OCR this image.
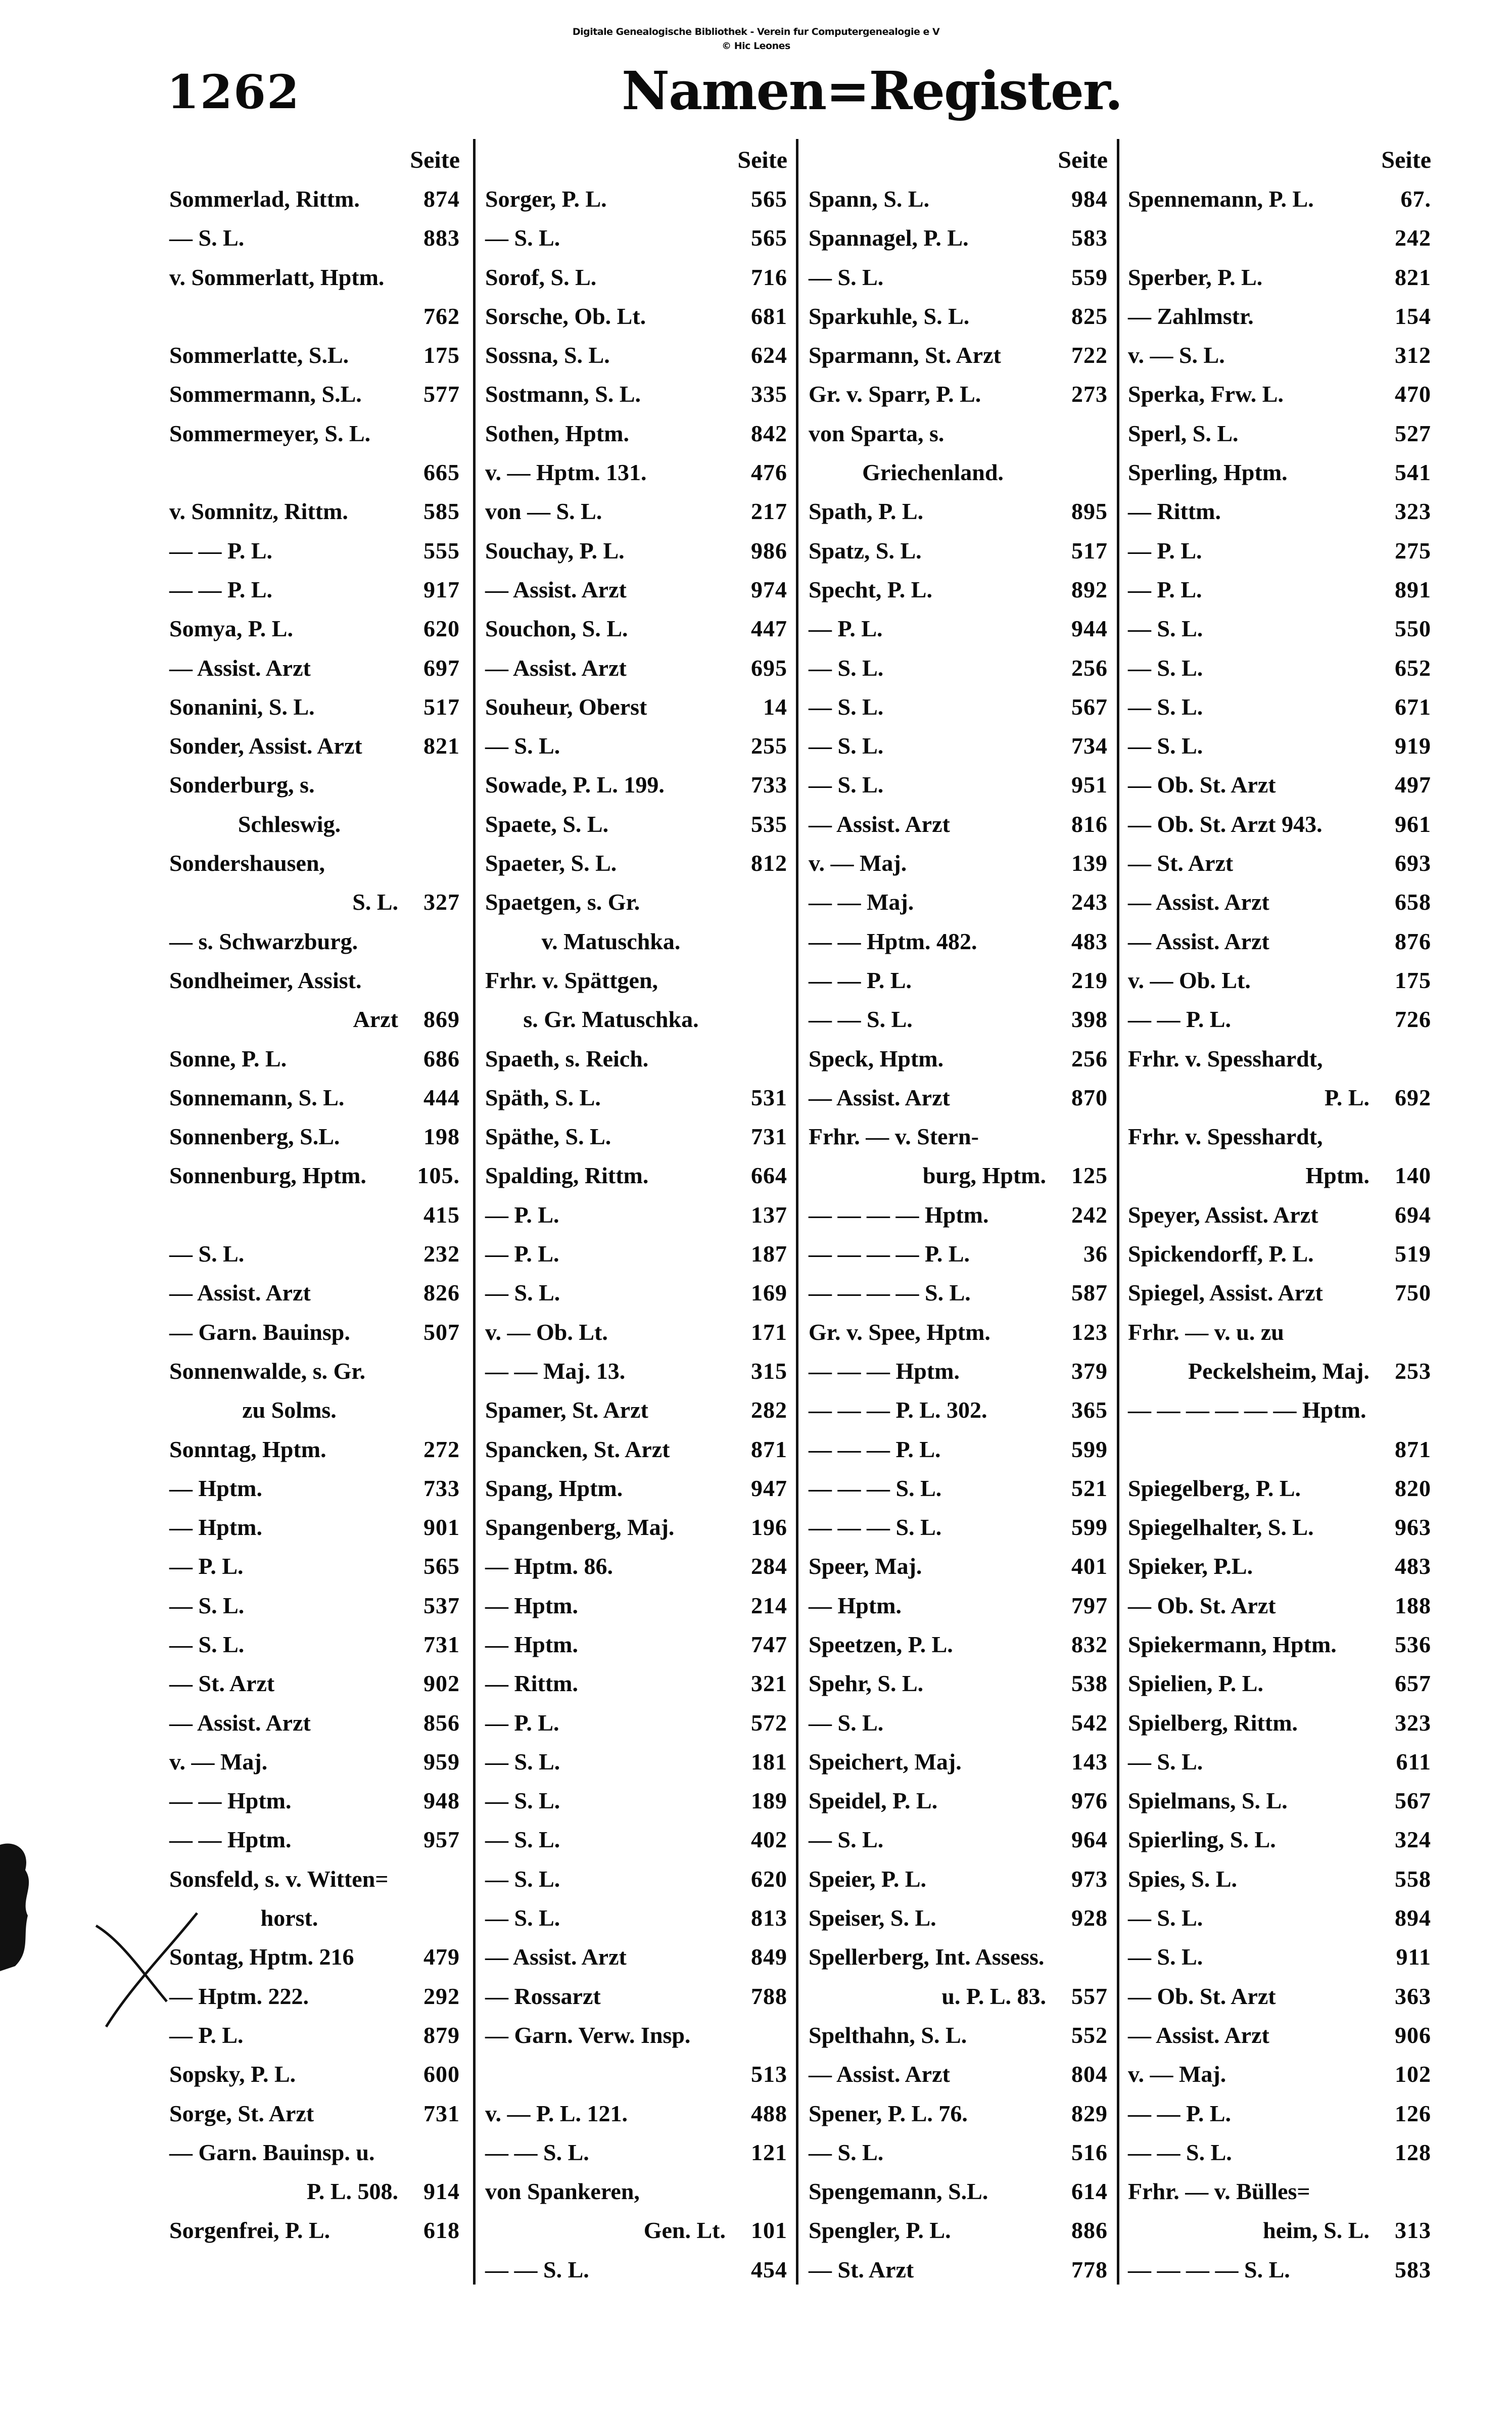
Digitale Genealogische Bibliothek - Verein fur Computergenealogie e V
© Hic Leones
1262	Namen=Register.
Seite
Sommerlad, Rittm.	874
— S. L.	883
v. Sommerlatt, Hptm.
762
Sommerlatte, S.L.	175
Sommermann, S.L.	577
Sommermeyer, S. L.
665
v. Somnitz, Rittm.	585
— — P. L.	555
— — P. L.	917
Somya, P. L.	620
— Assist. Arzt	697
Sonanini, S. L.	517
Sonder, Assist. Arzt	821
Sonderburg, s.
Schleswig.
Sondershausen,
S. L.	327
— s. Schwarzburg.
Sondheimer, Assist.
Arzt	869
Sonne, P. L.	686
Sonnemann, S. L.	444
Sonnenberg, S.L.	198
Sonnenburg, Hptm.	105.
415
— S. L.	232
— Assist. Arzt	826
— Garn. Bauinsp.	507
Sonnenwalde, s. Gr.
zu Solms.
Sonntag, Hptm.	272
— Hptm.	733
— Hptm.	901
— P. L.	565
— S. L.	537
— S. L.	731
— St. Arzt	902
— Assist. Arzt	856
v. — Maj.	959
— — Hptm.	948
— — Hptm.	957
Sonsfeld, s. v. Witten=
horst.
Sontag, Hptm. 216	479
— Hptm. 222.	292
— P. L.	879
Sopsky, P. L.	600
Sorge, St. Arzt	731
— Garn. Bauinsp. u.
P. L. 508.	914
Sorgenfrei, P. L.	618
Seite
Sorger, P. L.	565
— S. L.	565
Sorof, S. L.	716
Sorsche, Ob. Lt.	681
Sossna, S. L.	624
Sostmann, S. L.	335
Sothen, Hptm.	842
v. — Hptm. 131.	476
von — S. L.	217
Souchay, P. L.	986
— Assist. Arzt	974
Souchon, S. L.	447
— Assist. Arzt	695
Souheur, Oberst	14
— S. L.	255
Sowade, P. L. 199.	733
Spaete, S. L.	535
Spaeter, S. L.	812
Spaetgen, s. Gr.
v. Matuschka.
Frhr. v. Spättgen,
s. Gr. Matuschka.
Spaeth, s. Reich.
Späth, S. L.	531
Späthe, S. L.	731
Spalding, Rittm.	664
— P. L.	137
— P. L.	187
— S. L.	169
v. — Ob. Lt.	171
— — Maj. 13.	315
Spamer, St. Arzt	282
Spancken, St. Arzt	871
Spang, Hptm.	947
Spangenberg, Maj.	196
— Hptm. 86.	284
— Hptm.	214
— Hptm.	747
— Rittm.	321
— P. L.	572
— S. L.	181
— S. L.	189
— S. L.	402
— S. L.	620
— S. L.	813
— Assist. Arzt	849
— Rossarzt	788
— Garn. Verw. Insp.
513
v. — P. L. 121.	488
— — S. L.	121
von Spankeren,
Gen. Lt.	101
— — S. L.	454
Seite
Spann, S. L.	984
Spannagel, P. L.	583
— S. L.	559
Sparkuhle, S. L.	825
Sparmann, St. Arzt	722
Gr. v. Sparr, P. L.	273
von Sparta, s.
Griechenland.
Spath, P. L.	895
Spatz, S. L.	517
Specht, P. L.	892
— P. L.	944
— S. L.	256
— S. L.	567
— S. L.	734
— S. L.	951
— Assist. Arzt	816
v. — Maj.	139
— — Maj.	243
— — Hptm. 482.	483
— — P. L.	219
— — S. L.	398
Speck, Hptm.	256
— Assist. Arzt	870
Frhr. — v. Stern-
burg, Hptm.	125
— — — — Hptm.	242
— — — — P. L.	36
— — — — S. L.	587
Gr. v. Spee, Hptm.	123
— — — Hptm.	379
— — — P. L. 302.	365
— — — P. L.	599
— — — S. L.	521
— — — S. L.	599
Speer, Maj.	401
— Hptm.	797
Speetzen, P. L.	832
Spehr, S. L.	538
— S. L.	542
Speichert, Maj.	143
Speidel, P. L.	976
— S. L.	964
Speier, P. L.	973
Speiser, S. L.	928
Spellerberg, Int. Assess.
u. P. L. 83.	557
Spelthahn, S. L.	552
— Assist. Arzt	804
Spener, P. L. 76.	829
— S. L.	516
Spengemann, S.L.	614
Spengler, P. L.	886
— St. Arzt	778
Seite
Spennemann, P. L.	67.
242
Sperber, P. L.	821
— Zahlmstr.	154
v. — S. L.	312
Sperka, Frw. L.	470
Sperl, S. L.	527
Sperling, Hptm.	541
— Rittm.	323
— P. L.	275
— P. L.	891
— S. L.	550
— S. L.	652
— S. L.	671
— S. L.	919
— Ob. St. Arzt	497
— Ob. St. Arzt 943.	961
— St. Arzt	693
— Assist. Arzt	658
— Assist. Arzt	876
v. — Ob. Lt.	175
— — P. L.	726
Frhr. v. Spesshardt,
P. L.	692
Frhr. v. Spesshardt,
Hptm.	140
Speyer, Assist. Arzt	694
Spickendorff, P. L.	519
Spiegel, Assist. Arzt	750
Frhr. — v. u. zu
Peckelsheim, Maj.	253
— — — — — — Hptm.
871
Spiegelberg, P. L.	820
Spiegelhalter, S. L.	963
Spieker, P.L.	483
— Ob. St. Arzt	188
Spiekermann, Hptm.	536
Spielien, P. L.	657
Spielberg, Rittm.	323
— S. L.	611
Spielmans, S. L.	567
Spierling, S. L.	324
Spies, S. L.	558
— S. L.	894
— S. L.	911
— Ob. St. Arzt	363
— Assist. Arzt	906
v. — Maj.	102
— — P. L.	126
— — S. L.	128
Frhr. — v. Bülles=
heim, S. L.	313
— — — — S. L.	583
